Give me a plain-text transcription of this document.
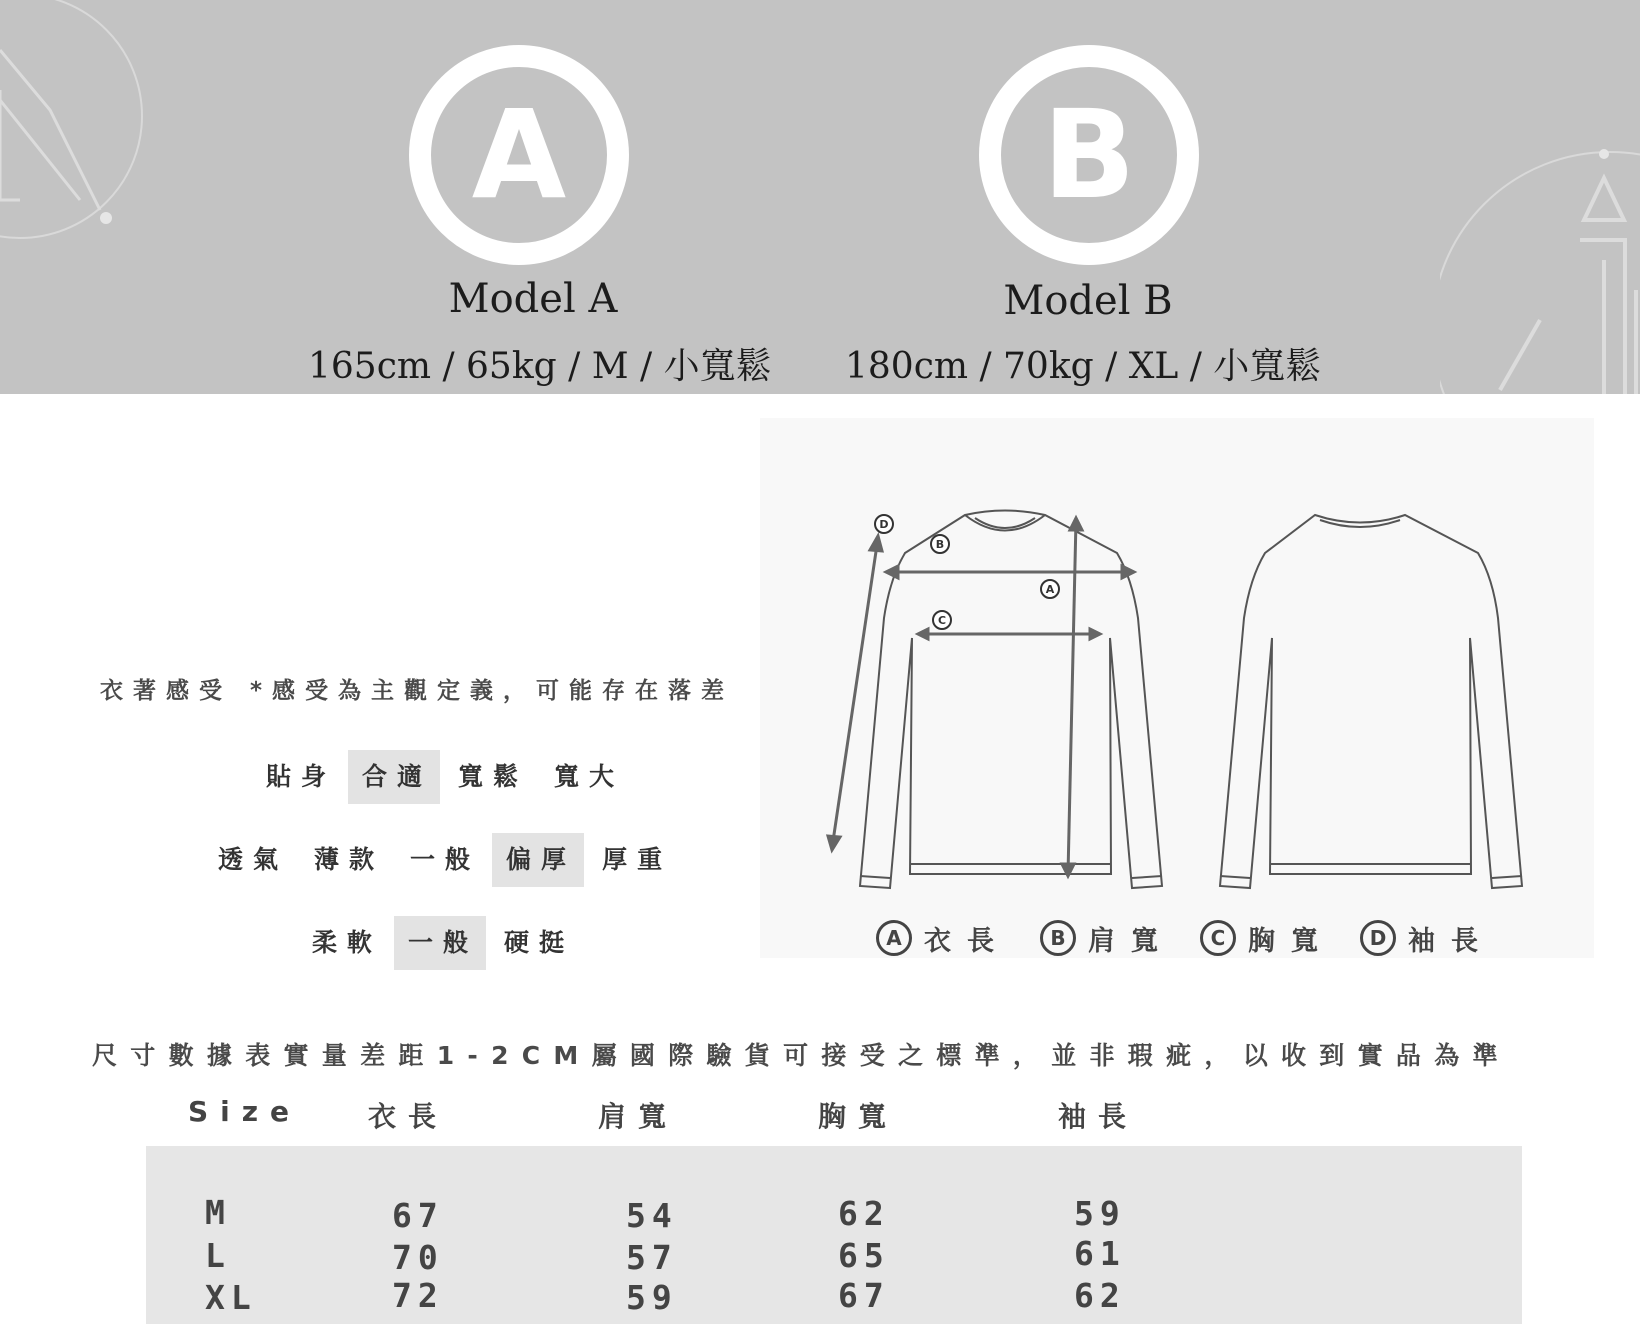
A
Model A
165cm / 65kg / M / 小寬鬆
B
Model B
180cm / 70kg / XL / 小寬鬆
衣著感受 *感受為主觀定義，可能存在落差
貼身	合適	寬鬆	寬大
透氣	薄款	一般	偏厚	厚重
柔軟	一般	硬挺
D
B
A
C
A 衣長	B 肩寬	C 胸寬	D 袖長
尺寸數據表實量差距1-2CM屬國際驗貨可接受之標準，並非瑕疵，以收到實品為準
Size 衣長	肩寬	胸寬	袖長
M	67	54	62	59
L	70	57	65	61
XL	72	59	67	62
